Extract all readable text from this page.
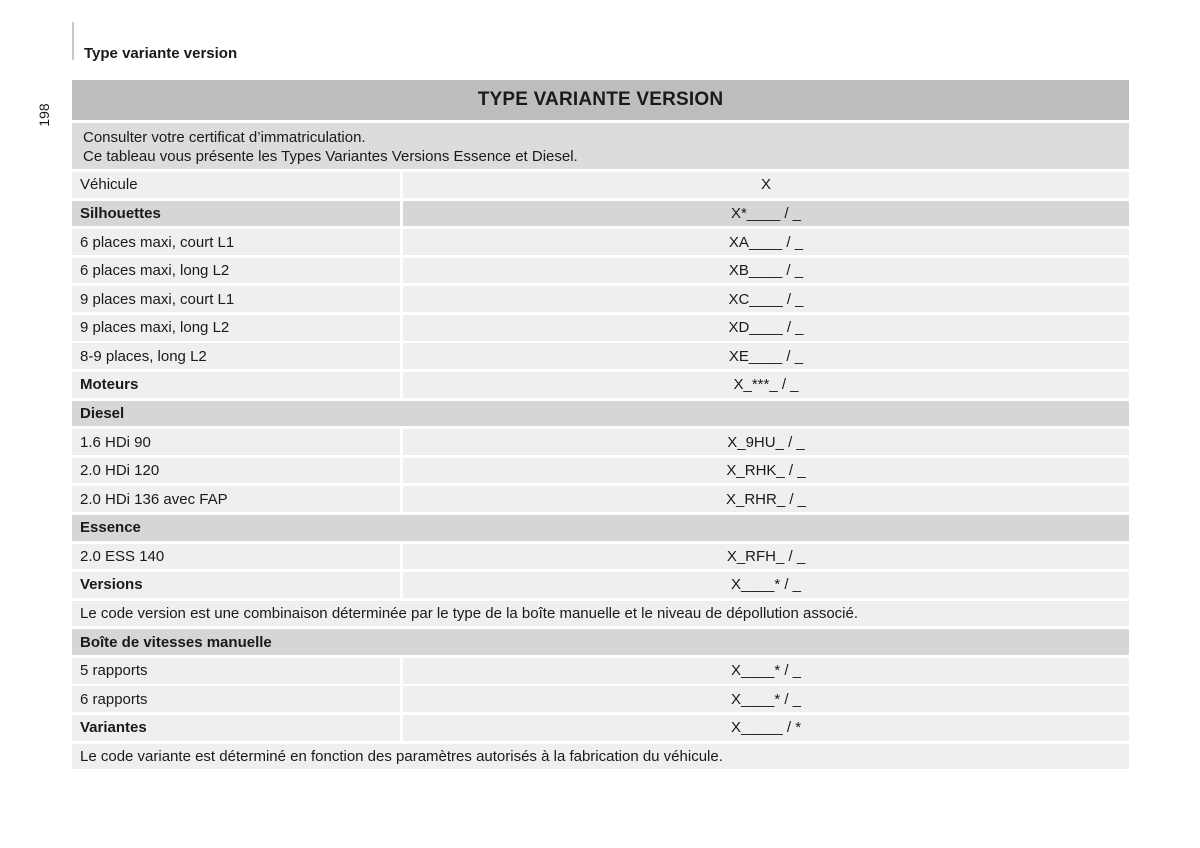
Type variante version
198
TYPE VARIANTE VERSION
Consulter votre certificat d’immatriculation.
Ce tableau vous présente les Types Variantes Versions Essence et Diesel.
Véhicule	X
Silhouettes	X*____ / _
6 places maxi, court L1	XA____ / _
6 places maxi, long L2	XB____ / _
9 places maxi, court L1	XC____ / _
9 places maxi, long L2	XD____ / _
8-9 places, long L2	XE____ / _
Moteurs	X_***_ / _
Diesel
1.6 HDi 90	X_9HU_ / _
2.0 HDi 120	X_RHK_ / _
2.0 HDi 136 avec FAP	X_RHR_ / _
Essence
2.0 ESS 140	X_RFH_ / _
Versions	X____* / _
Le code version est une combinaison déterminée par le type de la boîte manuelle et le niveau de dépollution associé.
Boîte de vitesses manuelle
5 rapports	X____* / _
6 rapports	X____* / _
Variantes	X_____ / *
Le code variante est déterminé en fonction des paramètres autorisés à la fabrication du véhicule.
